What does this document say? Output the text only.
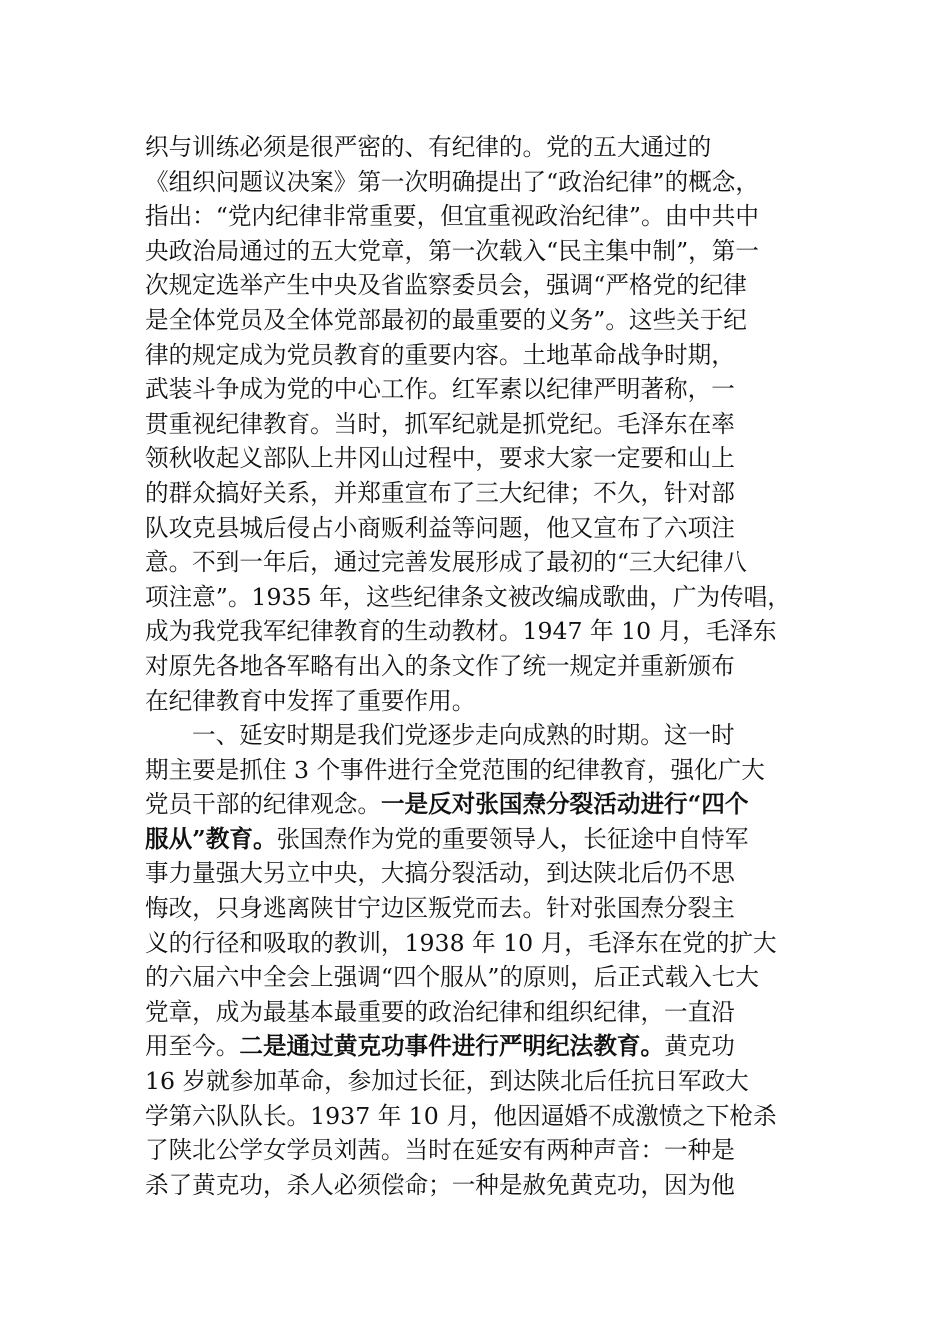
织与训练必须是很严密的、有纪律的。党的五大通过的
《组织问题议决案》第一次明确提出了“政治纪律”的概念，
指出：“党内纪律非常重要，但宜重视政治纪律”。由中共中
央政治局通过的五大党章，第一次载入“民主集中制”，第一
次规定选举产生中央及省监察委员会，强调“严格党的纪律
是全体党员及全体党部最初的最重要的义务”。这些关于纪
律的规定成为党员教育的重要内容。土地革命战争时期，
武装斗争成为党的中心工作。红军素以纪律严明著称，一
贯重视纪律教育。当时，抓军纪就是抓党纪。毛泽东在率
领秋收起义部队上井冈山过程中，要求大家一定要和山上
的群众搞好关系，并郑重宣布了三大纪律；不久，针对部
队攻克县城后侵占小商贩利益等问题，他又宣布了六项注
意。不到一年后，通过完善发展形成了最初的“三大纪律八
项注意”。1935 年，这些纪律条文被改编成歌曲，广为传唱，
成为我党我军纪律教育的生动教材。1947 年 10 月，毛泽东
对原先各地各军略有出入的条文作了统一规定并重新颁布
在纪律教育中发挥了重要作用。
一、延安时期是我们党逐步走向成熟的时期。这一时
期主要是抓住 3 个事件进行全党范围的纪律教育，强化广大
党员干部的纪律观念。一是反对张国焘分裂活动进行“四个
服从”教育。张国焘作为党的重要领导人，长征途中自恃军
事力量强大另立中央，大搞分裂活动，到达陕北后仍不思
悔改，只身逃离陕甘宁边区叛党而去。针对张国焘分裂主
义的行径和吸取的教训，1938 年 10 月，毛泽东在党的扩大
的六届六中全会上强调“四个服从”的原则，后正式载入七大
党章，成为最基本最重要的政治纪律和组织纪律，一直沿
用至今。二是通过黄克功事件进行严明纪法教育。黄克功
16 岁就参加革命，参加过长征，到达陕北后任抗日军政大
学第六队队长。1937 年 10 月，他因逼婚不成激愤之下枪杀
了陕北公学女学员刘茜。当时在延安有两种声音：一种是
杀了黄克功，杀人必须偿命；一种是赦免黄克功，因为他
